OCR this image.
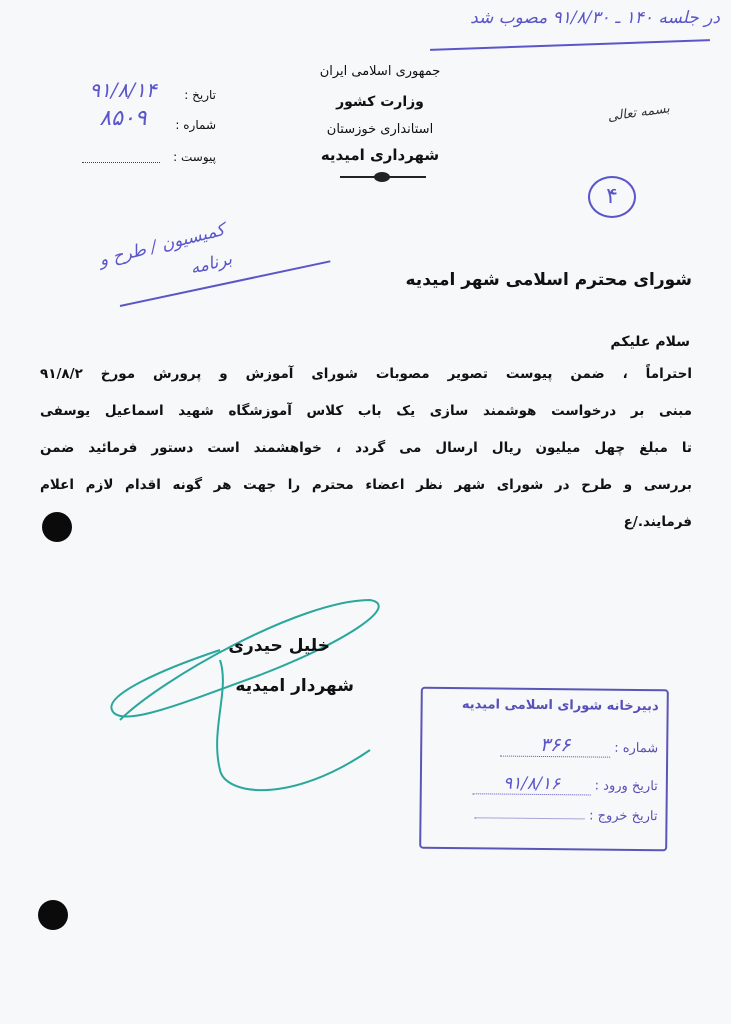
در جلسه ۱۴۰ ـ ۹۱/۸/۳۰ مصوب شد
جمهوری اسلامی ایران
وزارت کشور
استانداری خوزستان
شهرداری امیدیه
بسمه تعالی
تاریخ :
۹۱/۸/۱۴
شماره :
۸۵۰۹
پیوست :
۴
کمیسیون / طرح و برنامه
شورای محترم اسلامی شهر امیدیه
سلام علیکم
احتراماً ، ضمن پیوست تصویر مصوبات شورای آموزش و پرورش مورخ ۹۱/۸/۲
مبنی بر درخواست هوشمند سازی یک باب کلاس آموزشگاه شهید اسماعیل یوسفی
تا مبلغ چهل میلیون ریال ارسال می گردد ، خواهشمند است دستور فرمائید ضمن
بررسی و طرح در شورای شهر نظر اعضاء محترم را جهت هر گونه اقدام لازم اعلام
فرمایند./ع
خلیل حیدری
شهردار امیدیه
دبیرخانه شورای اسلامی امیدیه
شماره : ۳۶۶
تاریخ ورود : ۹۱/۸/۱۶
تاریخ خروج :
